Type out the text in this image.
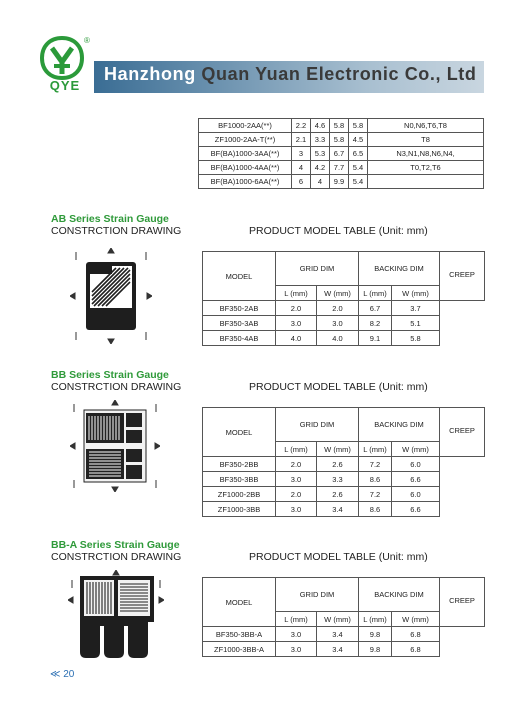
®
QYE
Hanzhong Quan Yuan Electronic Co., Ltd
BF1000-2AA(**)	2.2	4.6	5.8	5.8	N0,N6,T6,T8
ZF1000-2AA-T(**)	2.1	3.3	5.8	4.5	T8
BF(BA)1000-3AA(**)	3	5.3	6.7	6.5	N3,N1,N8,N6,N4,
BF(BA)1000-4AA(**)	4	4.2	7.7	5.4	T0,T2,T6
BF(BA)1000-6AA(**)	6	4	9.9	5.4	
AB Series Strain Gauge
CONSTRCTION DRAWING	PRODUCT MODEL TABLE (Unit: mm)
MODEL	GRID DIM		BACKING DIM		CREEP
	L (mm)	W (mm)	L (mm)	W (mm)	
BF350-2AB	2.0	2.0	6.7	3.7	
BF350-3AB	3.0	3.0	8.2	5.1	
BF350-4AB	4.0	4.0	9.1	5.8	
BB Series Strain Gauge
CONSTRCTION DRAWING	PRODUCT MODEL TABLE (Unit: mm)
MODEL	GRID DIM		BACKING DIM		CREEP
	L (mm)	W (mm)	L (mm)	W (mm)	
BF350-2BB	2.0	2.6	7.2	6.0	
BF350-3BB	3.0	3.3	8.6	6.6	
ZF1000-2BB	2.0	2.6	7.2	6.0	
ZF1000-3BB	3.0	3.4	8.6	6.6	
BB-A Series Strain Gauge
CONSTRCTION DRAWING	PRODUCT MODEL TABLE (Unit: mm)
MODEL	GRID DIM		BACKING DIM		CREEP
	L (mm)	W (mm)	L (mm)	W (mm)	
BF350-3BB-A	3.0	3.4	9.8	6.8	
ZF1000-3BB-A	3.0	3.4	9.8	6.8	
≪ 20
